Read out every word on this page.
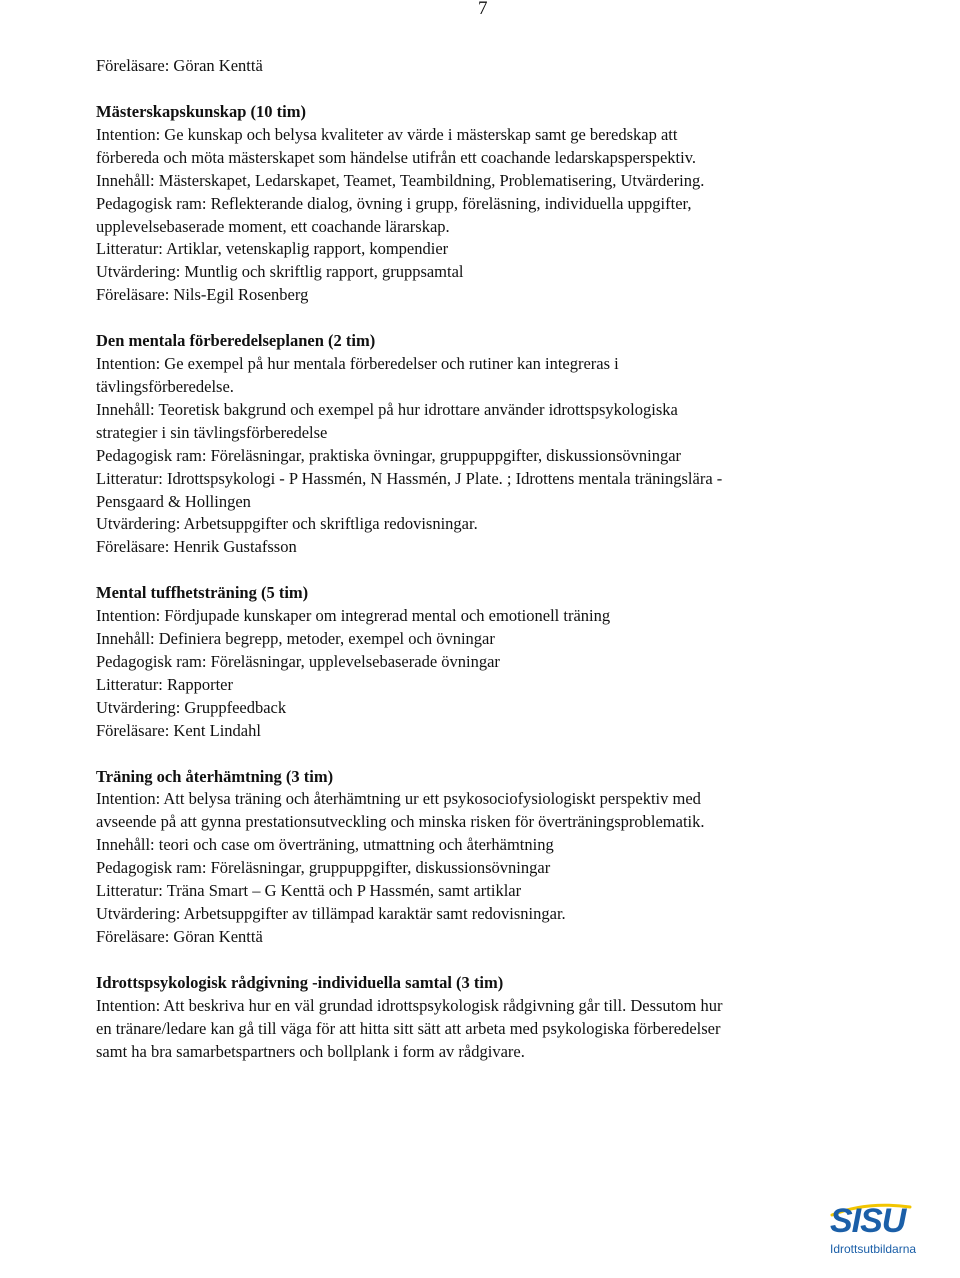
7
Föreläsare: Göran Kenttä

Mästerskapskunskap (10 tim)

Intention: Ge kunskap och belysa kvaliteter av värde i mästerskap samt ge beredskap att

förbereda och möta mästerskapet som händelse utifrån ett coachande ledarskapsperspektiv.

Innehåll: Mästerskapet, Ledarskapet, Teamet, Teambildning, Problematisering, Utvärdering.

Pedagogisk ram: Reflekterande dialog, övning i grupp, föreläsning, individuella uppgifter,

upplevelsebaserade moment, ett coachande lärarskap.

Litteratur: Artiklar, vetenskaplig rapport, kompendier

Utvärdering: Muntlig och skriftlig rapport, gruppsamtal

Föreläsare: Nils-Egil Rosenberg

Den mentala förberedelseplanen (2 tim)

Intention: Ge exempel på hur mentala förberedelser och rutiner kan integreras i

tävlingsförberedelse.

Innehåll: Teoretisk bakgrund och exempel på hur idrottare använder idrottspsykologiska

strategier i sin tävlingsförberedelse

Pedagogisk ram: Föreläsningar, praktiska övningar, gruppuppgifter, diskussionsövningar

Litteratur: Idrottspsykologi - P Hassmén, N Hassmén, J Plate. ; Idrottens mentala träningslära -

Pensgaard & Hollingen

Utvärdering: Arbetsuppgifter och skriftliga redovisningar.

Föreläsare: Henrik Gustafsson

Mental tuffhetsträning (5 tim)

Intention: Fördjupade kunskaper om integrerad mental och emotionell träning

Innehåll: Definiera begrepp, metoder, exempel och övningar

Pedagogisk ram: Föreläsningar, upplevelsebaserade övningar

Litteratur: Rapporter

Utvärdering: Gruppfeedback

Föreläsare: Kent Lindahl

Träning och återhämtning (3 tim)

Intention: Att belysa träning och återhämtning ur ett psykosociofysiologiskt perspektiv med

avseende på att gynna prestationsutveckling och minska risken för överträningsproblematik.

Innehåll: teori och case om överträning, utmattning och återhämtning

Pedagogisk ram: Föreläsningar, gruppuppgifter, diskussionsövningar

Litteratur: Träna Smart – G Kenttä och P Hassmén, samt artiklar

Utvärdering: Arbetsuppgifter av tillämpad karaktär samt redovisningar.

Föreläsare: Göran Kenttä

Idrottspsykologisk rådgivning -individuella samtal (3 tim)

Intention: Att beskriva hur en väl grundad idrottspsykologisk rådgivning går till. Dessutom hur

en tränare/ledare kan gå till väga för att hitta sitt sätt att arbeta med psykologiska förberedelser

samt ha bra samarbetspartners och bollplank i form av rådgivare.

SISU
Idrottsutbildarna
